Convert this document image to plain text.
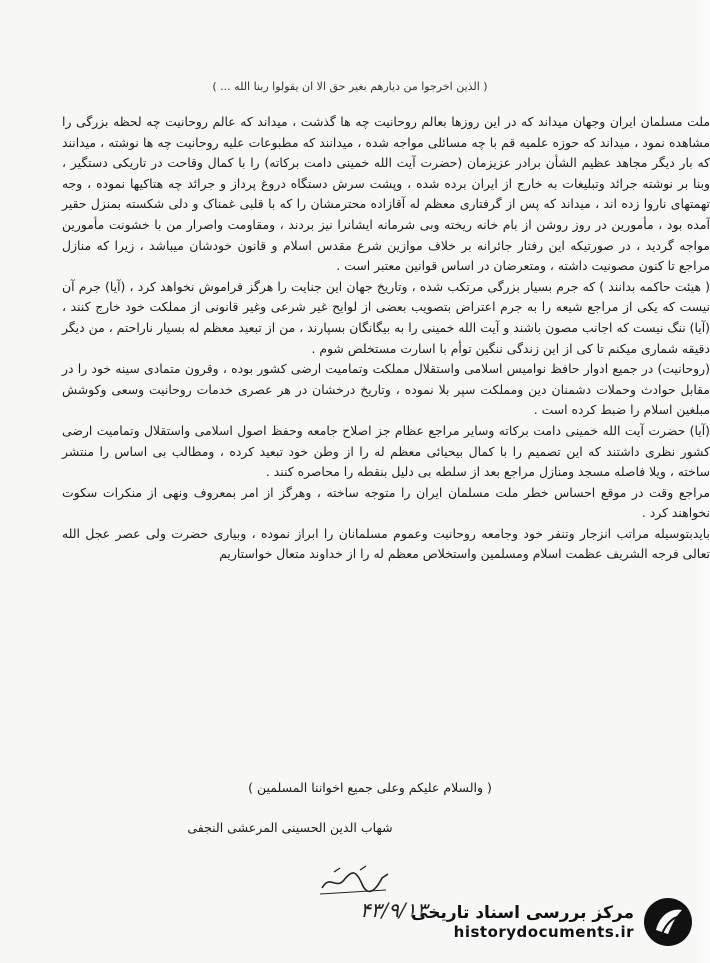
( الذین اخرجوا من دیارهم بغیر حق الا ان یقولوا ربنا الله ... )

ملت مسلمان ایران وجهان میداند که در این روزها بعالم روحانیت چه ها گذشت ، میداند که عالم روحانیت چه لحظه بزرگی را مشاهده نمود ، میداند که حوزه علمیه قم با چه مسائلی مواجه شده ، میدانند که مطبوعات علیه روحانیت چه ها نوشته ، میدانند که بار دیگر مجاهد عظیم الشأن برادر عزیزمان (حضرت آیت الله خمینی دامت برکاته) را با کمال وقاحت در تاریکی دستگیر ، وبنا بر نوشته جرائد وتبلیغات به خارج از ایران برده شده ، وپشت سرش دستگاه دروغ پرداز و جرائد چه هتاکیها نموده ، وجه تهمتهای ناروا زده اند ، میداند که پس از گرفتاری معظم له آقازاده محترمشان را که با قلبی غمناک و دلی شکسته بمنزل حقیر آمده بود ، مأمورین در روز روشن از بام خانه ریخته وبی شرمانه ایشانرا نیز بردند ، ومقاومت واصرار من با خشونت مأمورین مواجه گردید ، در صورتیکه این رفتار جائرانه بر خلاف موازین شرع مقدس اسلام و قانون خودشان میباشد ، زیرا که منازل مراجع تا کنون مصونیت داشته ، ومتعرضان در اساس قوانین معتبر است .

( هیئت حاکمه بدانند ) که جرم بسیار بزرگی مرتکب شده ، وتاریخ جهان این جنایت را هرگز فراموش نخواهد کرد ، (آیا) جرم آن نیست که یکی از مراجع شیعه را به جرم اعتراض بتصویب بعضی از لوایح غیر شرعی وغیر قانونی از مملکت خود خارج کنند ، (آیا) ننگ نیست که اجانب مصون باشند و آیت الله خمینی را به بیگانگان بسپارند ، من از تبعید معظم له بسیار ناراحتم ، من دیگر دقیقه شماری میکنم تا کی از این زندگی ننگین توأم با اسارت مستخلص شوم .

(روحانیت) در جمیع ادوار حافظ نوامیس اسلامی واستقلال مملکت وتمامیت ارضی کشور بوده ، وقرون متمادی سینه خود را در مقابل حوادث وحملات دشمنان دین ومملکت سپر بلا نموده ، وتاریخ درخشان در هر عصری خدمات روحانیت وسعی وکوشش مبلغین اسلام را ضبط کرده است .

(آیا) حضرت آیت الله خمینی دامت برکاته وسایر مراجع عظام جز اصلاح جامعه وحفظ اصول اسلامی واستقلال وتمامیت ارضی کشور نظری داشتند که این تصمیم را با کمال بیحیائی معظم له را از وطن خود تبعید کرده ، ومطالب بی اساس را منتشر ساخته ، ویلا فاصله مسجد ومنازل مراجع بعد از سلطه بی دلیل بنقطه را محاصره کنند .

مراجع وقت در موقع احساس خطر ملت مسلمان ایران را متوجه ساخته ، وهرگز از امر بمعروف ونهی از منکرات سکوت نخواهند کرد .

بایدبتوسیله مراتب انزجار وتنفر خود وجامعه روحانیت وعموم مسلمانان را ابراز نموده ، وبیاری حضرت ولی عصر عجل الله تعالی فرجه الشریف عظمت اسلام ومسلمین واستخلاص معظم له را از خداوند متعال خواستاریم

( والسلام علیکم وعلی جمیع اخواننا المسلمین )
شهاب الدین الحسینی المرعشی النجفی
۴۳/۹/۱۳
مرکز بررسی اسناد تاریخی
historydocuments.ir
